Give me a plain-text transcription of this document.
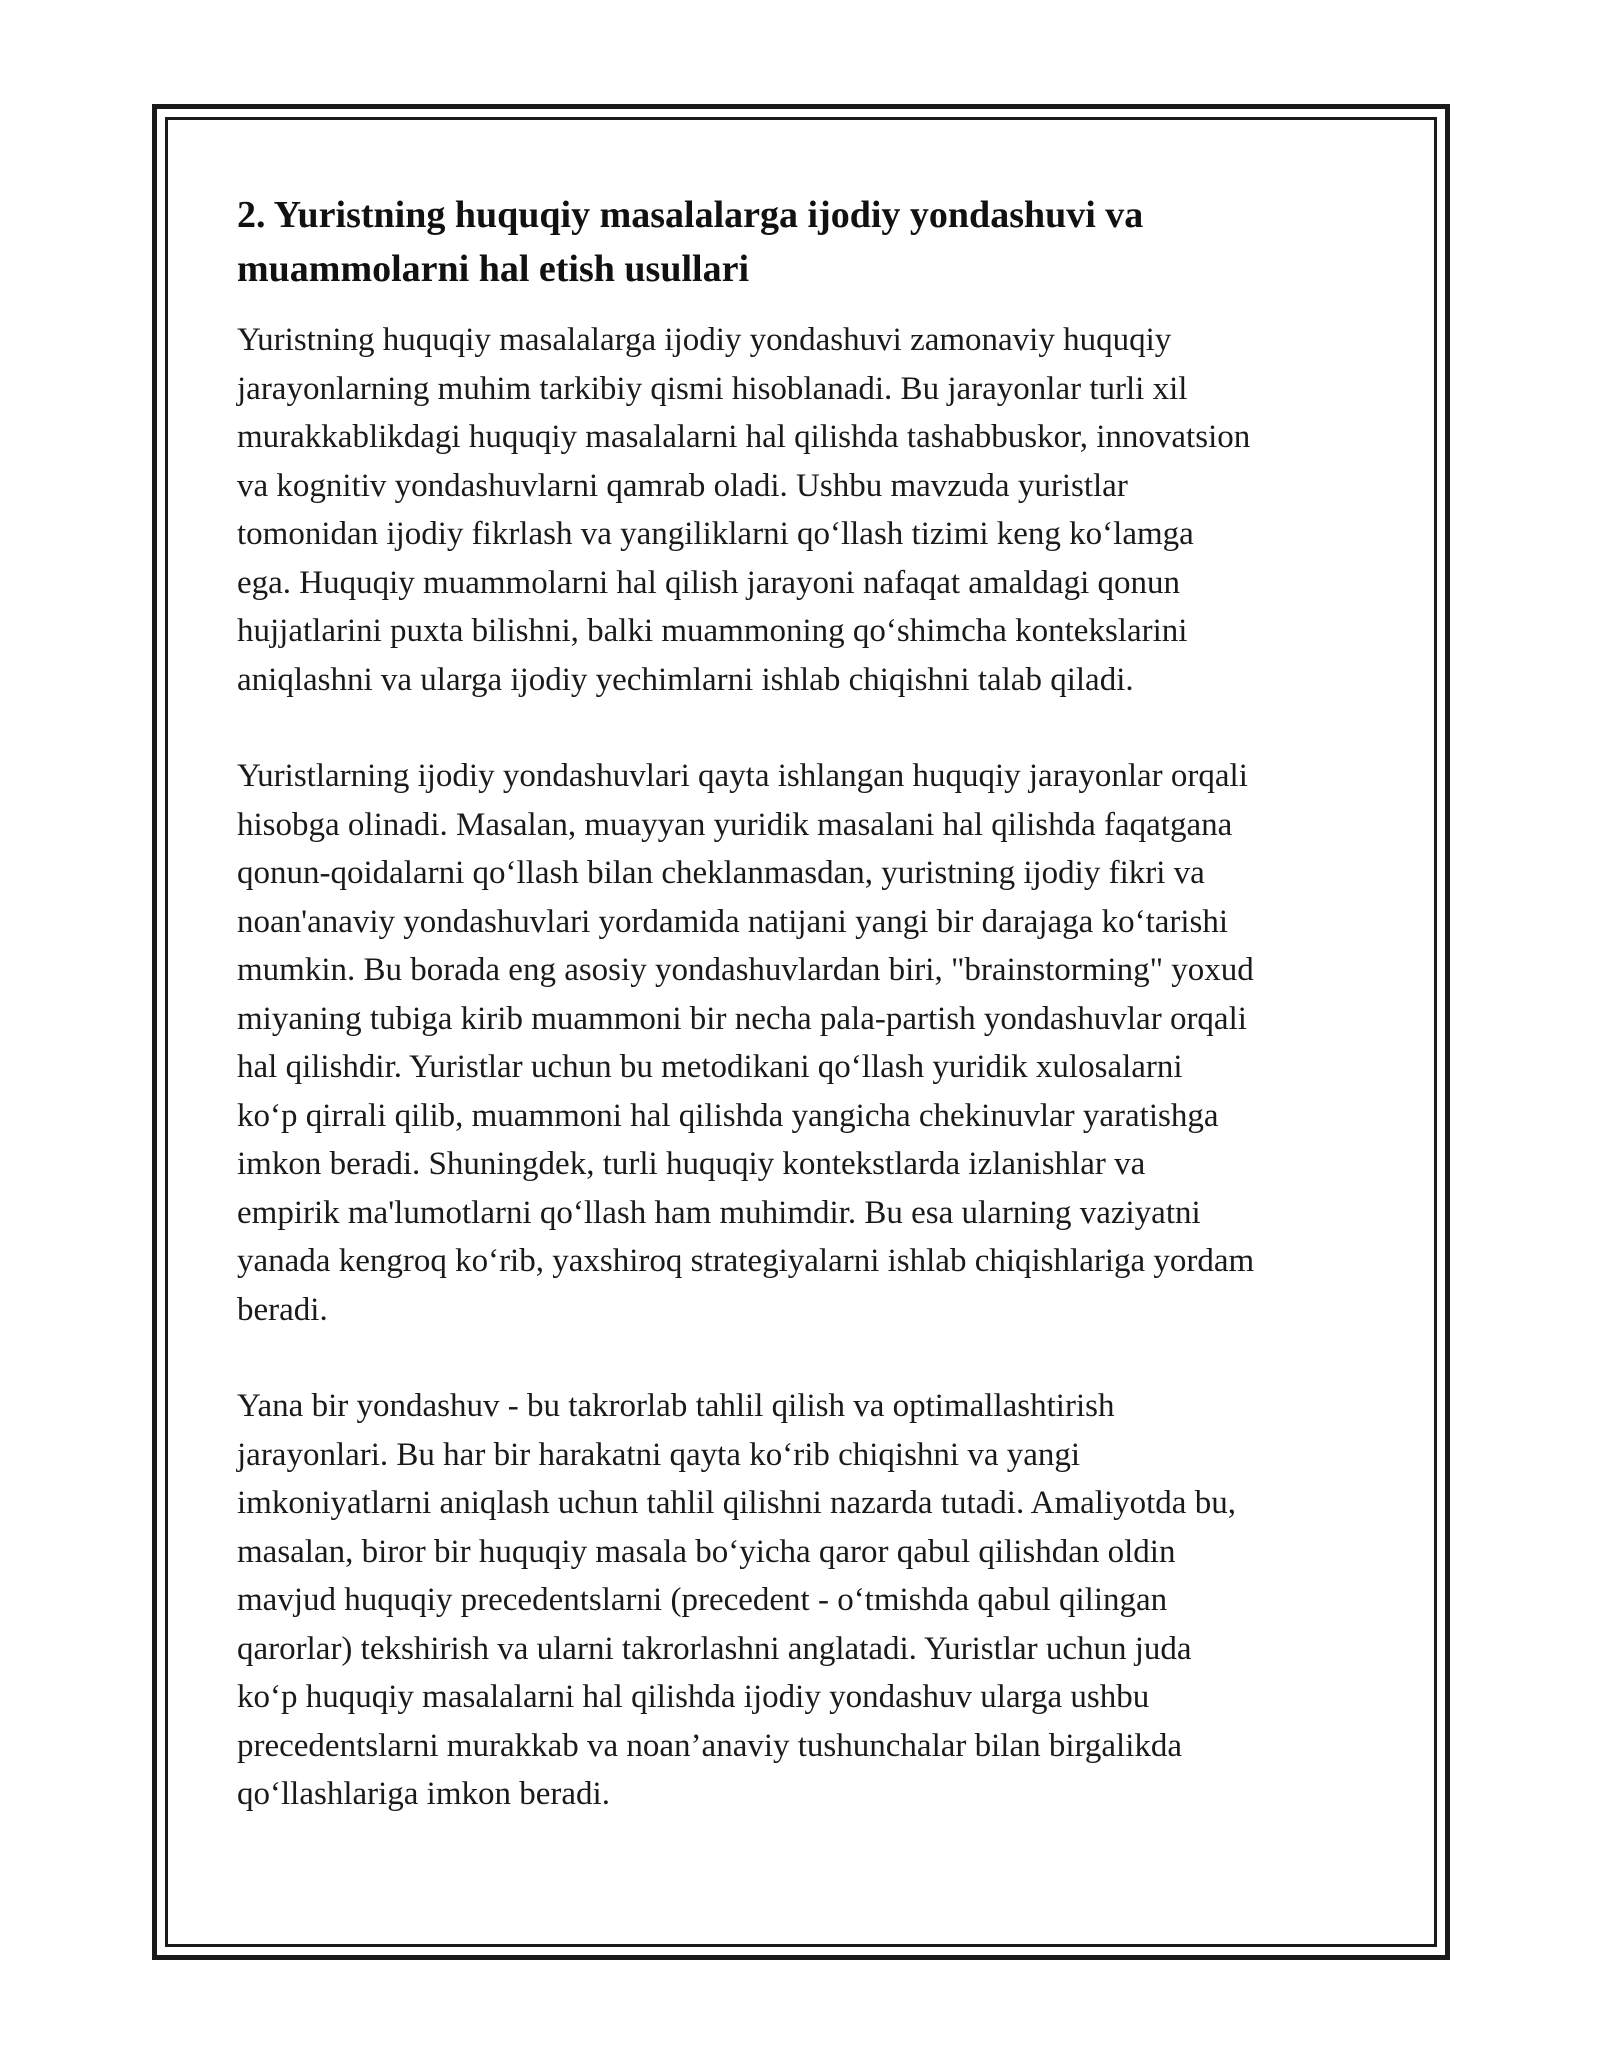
2. Yuristning huquqiy masalalarga ijodiy yondashuvi va
muammolarni hal etish usullari

Yuristning huquqiy masalalarga ijodiy yondashuvi zamonaviy huquqiy
jarayonlarning muhim tarkibiy qismi hisoblanadi. Bu jarayonlar turli xil
murakkablikdagi huquqiy masalalarni hal qilishda tashabbuskor, innovatsion
va kognitiv yondashuvlarni qamrab oladi. Ushbu mavzuda yuristlar
tomonidan ijodiy fikrlash va yangiliklarni qo‘llash tizimi keng ko‘lamga
ega. Huquqiy muammolarni hal qilish jarayoni nafaqat amaldagi qonun
hujjatlarini puxta bilishni, balki muammoning qo‘shimcha kontekslarini
aniqlashni va ularga ijodiy yechimlarni ishlab chiqishni talab qiladi.

Yuristlarning ijodiy yondashuvlari qayta ishlangan huquqiy jarayonlar orqali
hisobga olinadi. Masalan, muayyan yuridik masalani hal qilishda faqatgana
qonun-qoidalarni qo‘llash bilan cheklanmasdan, yuristning ijodiy fikri va
noan'anaviy yondashuvlari yordamida natijani yangi bir darajaga ko‘tarishi
mumkin. Bu borada eng asosiy yondashuvlardan biri, "brainstorming" yoxud
miyaning tubiga kirib muammoni bir necha pala-partish yondashuvlar orqali
hal qilishdir. Yuristlar uchun bu metodikani qo‘llash yuridik xulosalarni
ko‘p qirrali qilib, muammoni hal qilishda yangicha chekinuvlar yaratishga
imkon beradi. Shuningdek, turli huquqiy kontekstlarda izlanishlar va
empirik ma'lumotlarni qo‘llash ham muhimdir. Bu esa ularning vaziyatni
yanada kengroq ko‘rib, yaxshiroq strategiyalarni ishlab chiqishlariga yordam
beradi.

Yana bir yondashuv - bu takrorlab tahlil qilish va optimallashtirish
jarayonlari. Bu har bir harakatni qayta ko‘rib chiqishni va yangi
imkoniyatlarni aniqlash uchun tahlil qilishni nazarda tutadi. Amaliyotda bu,
masalan, biror bir huquqiy masala bo‘yicha qaror qabul qilishdan oldin
mavjud huquqiy precedentslarni (precedent - o‘tmishda qabul qilingan
qarorlar) tekshirish va ularni takrorlashni anglatadi. Yuristlar uchun juda
ko‘p huquqiy masalalarni hal qilishda ijodiy yondashuv ularga ushbu
precedentslarni murakkab va noan’anaviy tushunchalar bilan birgalikda
qo‘llashlariga imkon beradi.
